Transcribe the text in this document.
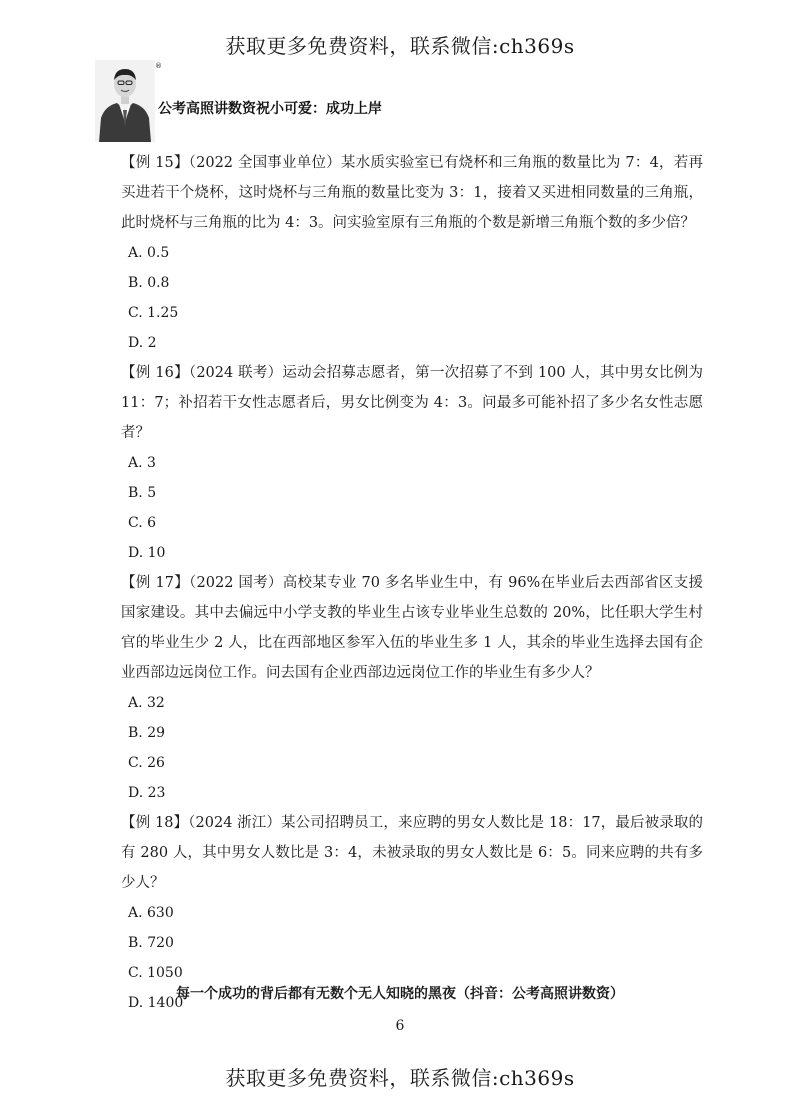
获取更多免费资料，联系微信:ch369s
®
公考高照讲数资祝小可爱：成功上岸
【例 15】（2022 全国事业单位）某水质实验室已有烧杯和三角瓶的数量比为 7：4，若再买进若干个烧杯，这时烧杯与三角瓶的数量比变为 3：1，接着又买进相同数量的三角瓶，此时烧杯与三角瓶的比为 4：3。问实验室原有三角瓶的个数是新增三角瓶个数的多少倍？
A. 0.5
B. 0.8
C. 1.25
D. 2
【例 16】（2024 联考）运动会招募志愿者，第一次招募了不到 100 人，其中男女比例为 11：7；补招若干女性志愿者后，男女比例变为 4：3。问最多可能补招了多少名女性志愿者？
A. 3
B. 5
C. 6
D. 10
【例 17】（2022 国考）高校某专业 70 多名毕业生中，有 96%在毕业后去西部省区支援国家建设。其中去偏远中小学支教的毕业生占该专业毕业生总数的 20%，比任职大学生村官的毕业生少 2 人，比在西部地区参军入伍的毕业生多 1 人，其余的毕业生选择去国有企业西部边远岗位工作。问去国有企业西部边远岗位工作的毕业生有多少人？
A. 32
B. 29
C. 26
D. 23
【例 18】（2024 浙江）某公司招聘员工，来应聘的男女人数比是 18：17，最后被录取的有 280 人，其中男女人数比是 3：4，未被录取的男女人数比是 6：5。同来应聘的共有多少人？
A. 630
B. 720
C. 1050
D. 1400
每一个成功的背后都有无数个无人知晓的黑夜（抖音：公考高照讲数资）
6
获取更多免费资料，联系微信:ch369s
